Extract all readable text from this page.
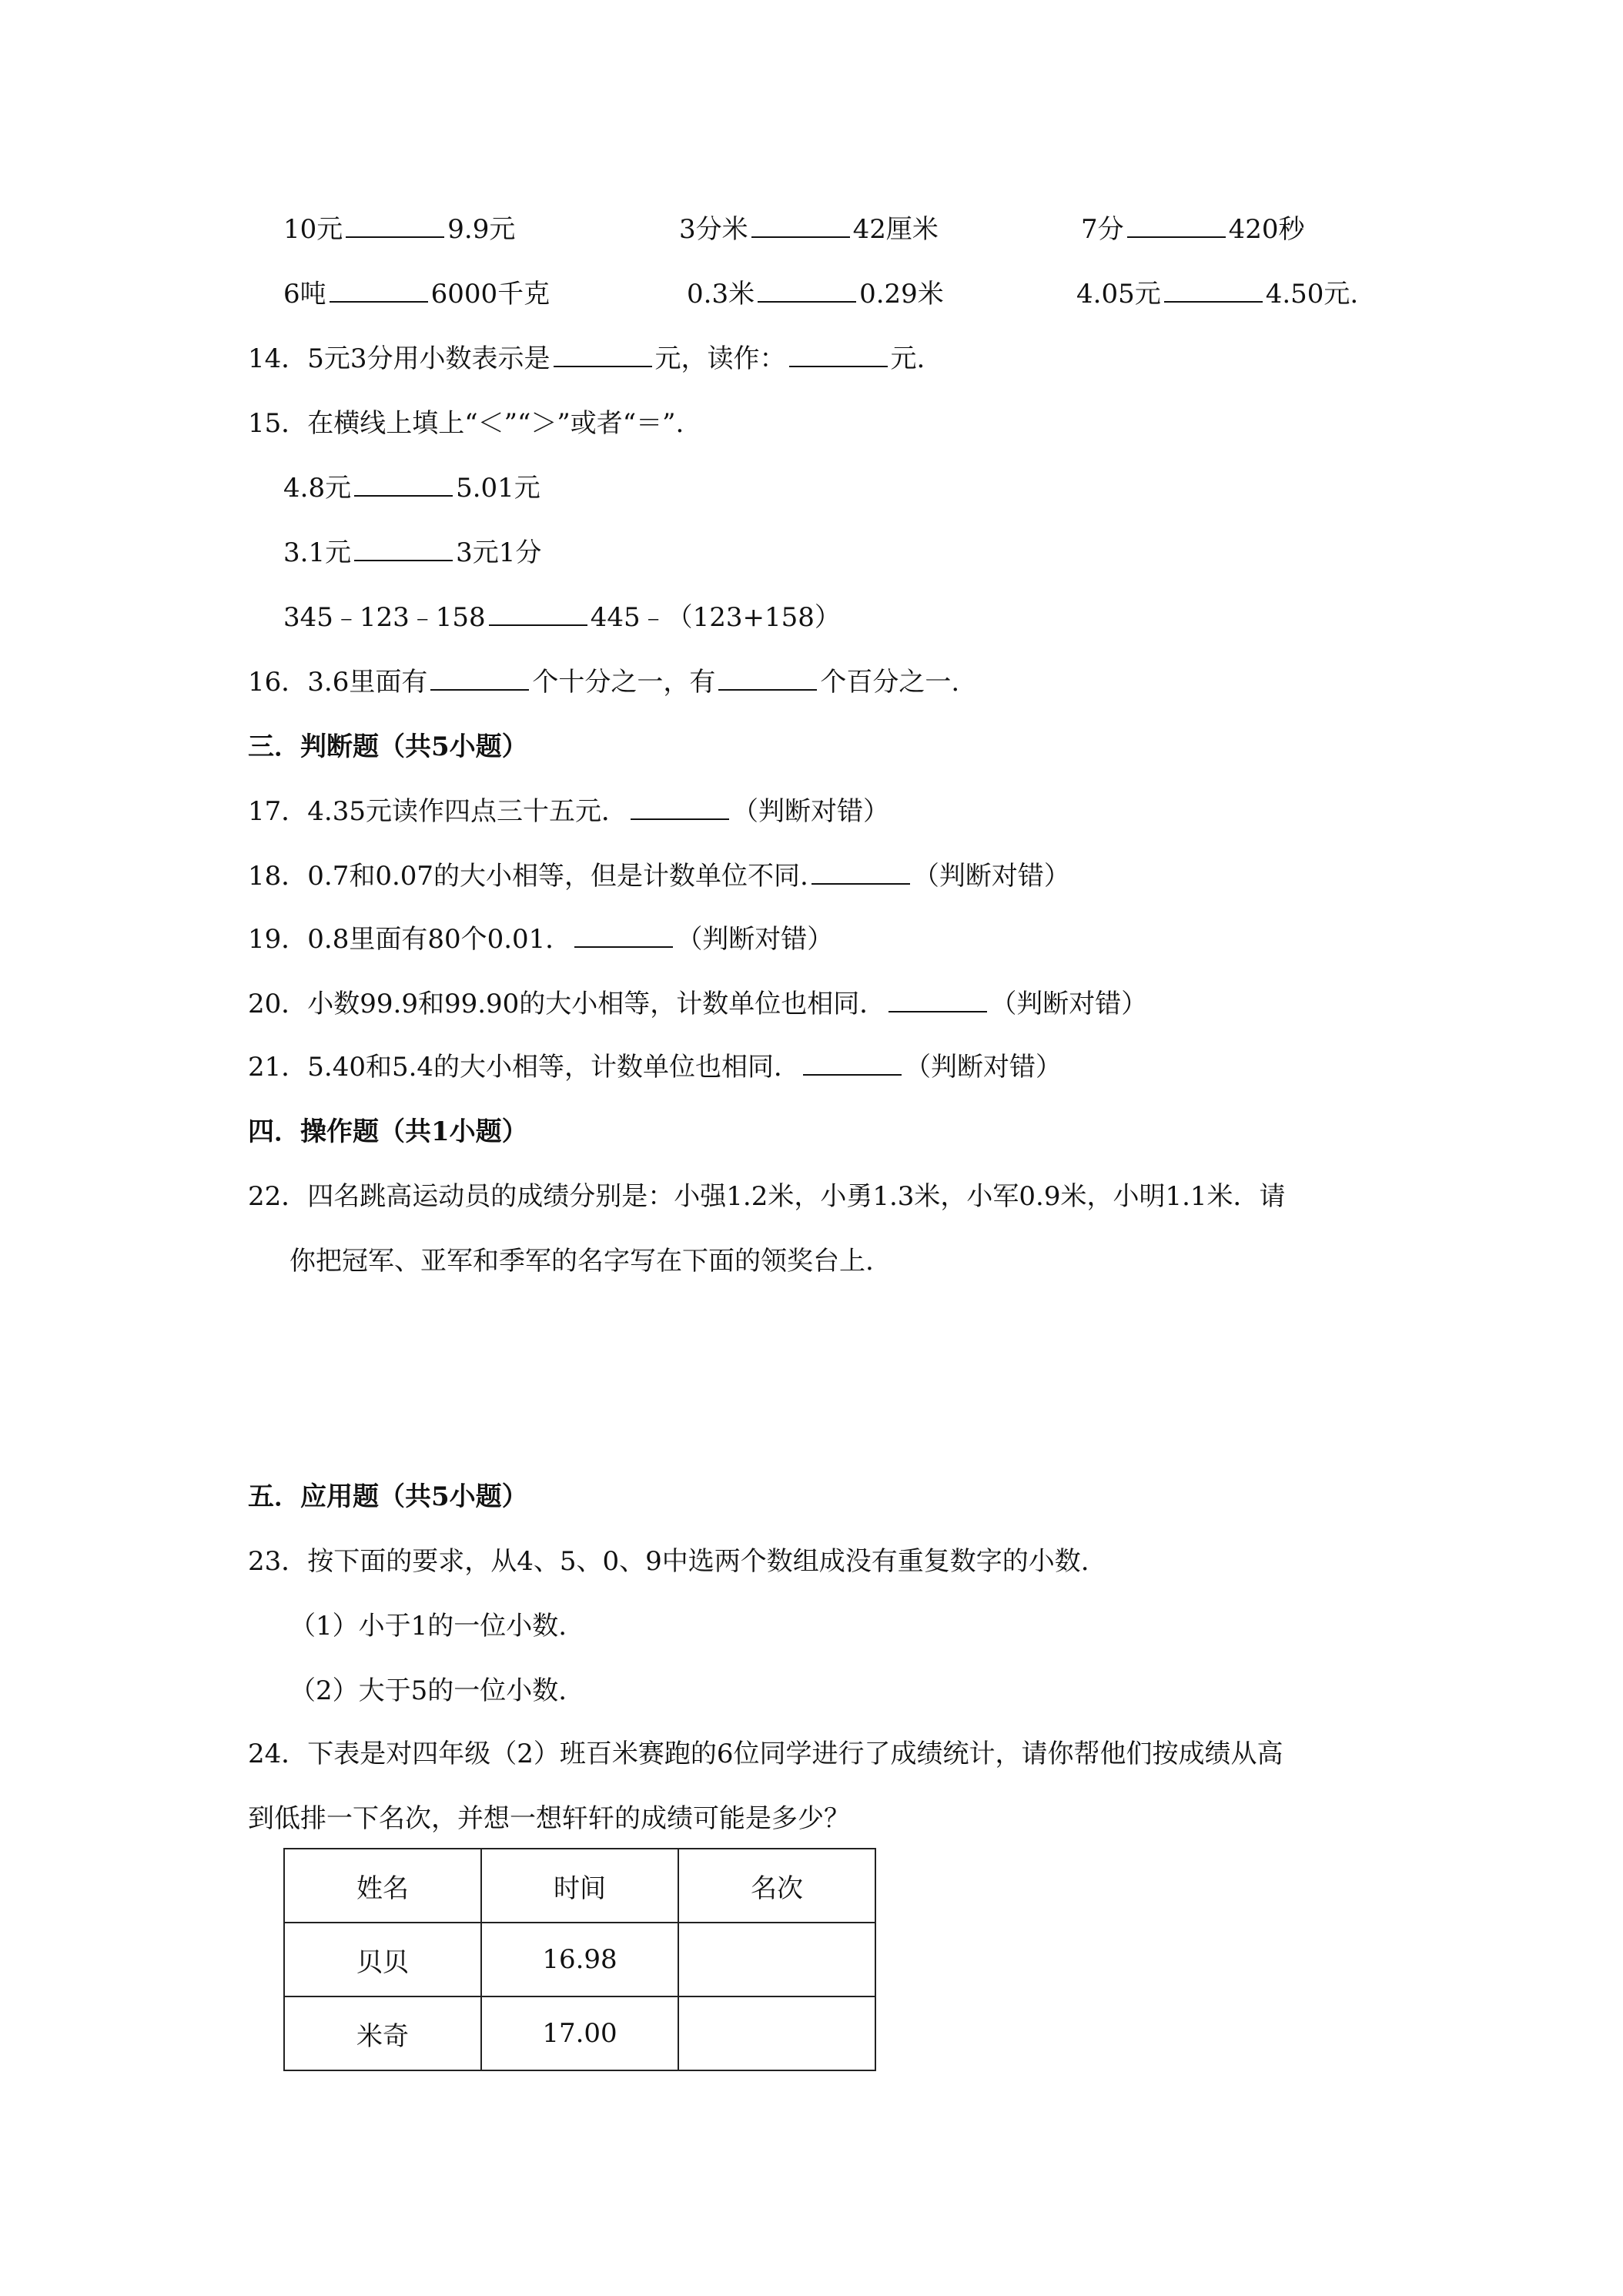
10元	9.9元	3分米	42厘米	7分	420秒
6吨	6000千克	0.3米	0.29米	4.05元	4.50元.
14．5元3分用小数表示是	元，读作：	元.
15．在横线上填上“＜”“＞”或者“＝”.
4.8元	5.01元
3.1元	3元1分
345﹣123﹣158	445﹣（123+158）
16．3.6里面有	个十分之一，有	个百分之一.
三．判断题（共5小题）
17．4.35元读作四点三十五元．	（判断对错）
18．0.7和0.07的大小相等，但是计数单位不同.	（判断对错）
19．0.8里面有80个0.01．	（判断对错）
20．小数99.9和99.90的大小相等，计数单位也相同．	（判断对错）
21．5.40和5.4的大小相等，计数单位也相同．	（判断对错）
四．操作题（共1小题）
22．四名跳高运动员的成绩分别是：小强1.2米，小勇1.3米，小军0.9米，小明1.1米．请
你把冠军、亚军和季军的名字写在下面的领奖台上.
五．应用题（共5小题）
23．按下面的要求，从4、5、0、9中选两个数组成没有重复数字的小数.
（1）小于1的一位小数.
（2）大于5的一位小数.
24．下表是对四年级（2）班百米赛跑的6位同学进行了成绩统计，请你帮他们按成绩从高
到低排一下名次，并想一想轩轩的成绩可能是多少？
姓名	时间	名次
贝贝	16.98	
米奇	17.00	
